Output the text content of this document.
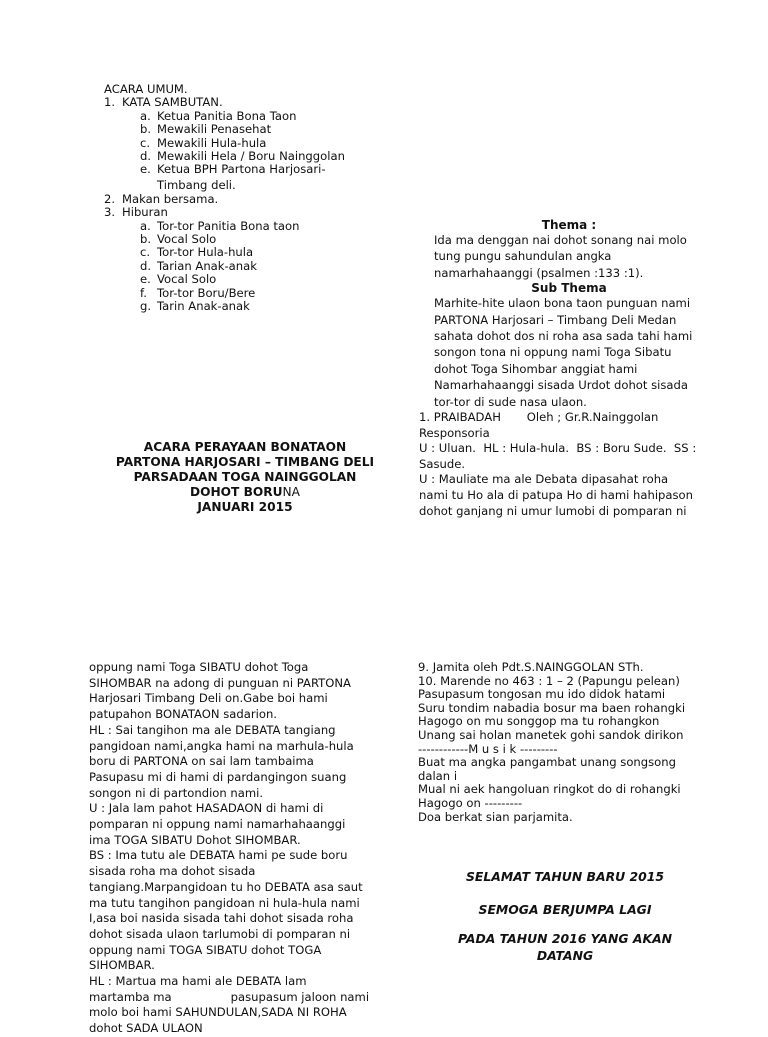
ACARA UMUM.
1. KATA SAMBUTAN.
a. Ketua Panitia Bona Taon
b. Mewakili Penasehat
c. Mewakili Hula-hula
d. Mewakili Hela / Boru Nainggolan
e. Ketua BPH Partona Harjosari-
Timbang deli.
2. Makan bersama.
3. Hiburan
a. Tor-tor Panitia Bona taon
b. Vocal Solo
c. Tor-tor Hula-hula
d. Tarian Anak-anak
e. Vocal Solo
f. Tor-tor Boru/Bere
g. Tarin Anak-anak
ACARA PERAYAAN BONATAON
PARTONA HARJOSARI – TIMBANG DELI
PARSADAAN TOGA NAINGGOLAN
DOHOT BORUNA
JANUARI 2015
Thema :

Ida ma denggan nai dohot sonang nai molo

tung pungu sahundulan angka

namarhahaanggi (psalmen :133 :1).

Sub Thema

Marhite-hite ulaon bona taon punguan nami

PARTONA Harjosari – Timbang Deli Medan

sahata dohot dos ni roha asa sada tahi hami

songon tona ni oppung nami Toga Sibatu

dohot Toga Sihombar anggiat hami

Namarhahaanggi sisada Urdot dohot sisada

tor-tor di sude nasa ulaon.

1. PRAIBADAH       Oleh ; Gr.R.Nainggolan

Responsoria

U : Uluan.  HL : Hula-hula.  BS : Boru Sude.  SS :

Sasude.

U : Mauliate ma ale Debata dipasahat roha

nami tu Ho ala di patupa Ho di hami hahipason

dohot ganjang ni umur lumobi di pomparan ni

oppung nami Toga SIBATU dohot Toga

SIHOMBAR na adong di punguan ni PARTONA

Harjosari Timbang Deli on.Gabe boi hami

patupahon BONATAON sadarion.

HL : Sai tangihon ma ale DEBATA tangiang

pangidoan nami,angka hami na marhula-hula

boru di PARTONA on sai lam tambaima

Pasupasu mi di hami di pardangingon suang

songon ni di partondion nami.

U : Jala lam pahot HASADAON di hami di

pomparan ni oppung nami namarhahaanggi

ima TOGA SIBATU Dohot SIHOMBAR.

BS : Ima tutu ale DEBATA hami pe sude boru

sisada roha ma dohot sisada

tangiang.Marpangidoan tu ho DEBATA asa saut

ma tutu tangihon pangidoan ni hula-hula nami

I,asa boi nasida sisada tahi dohot sisada roha

dohot sisada ulaon tarlumobi di pomparan ni

oppung nami TOGA SIBATU dohot TOGA

SIHOMBAR.

HL : Martua ma hami ale DEBATA lam

martamba ma                pasupasum jaloon nami

molo boi hami SAHUNDULAN,SADA NI ROHA

dohot SADA ULAON

9. Jamita oleh Pdt.S.NAINGGOLAN STh.

10. Marende no 463 : 1 – 2 (Papungu pelean)

Pasupasum tongosan mu ido didok hatami

Suru tondim nabadia bosur ma baen rohangki

Hagogo on mu songgop ma tu rohangkon

Unang sai holan manetek gohi sandok dirikon

------------M u s i k ---------

Buat ma angka pangambat unang songsong

dalan i

Mual ni aek hangoluan ringkot do di rohangki

Hagogo on ---------

Doa berkat sian parjamita.

SELAMAT TAHUN BARU 2015

SEMOGA BERJUMPA LAGI

PADA TAHUN 2016 YANG AKAN
DATANG
